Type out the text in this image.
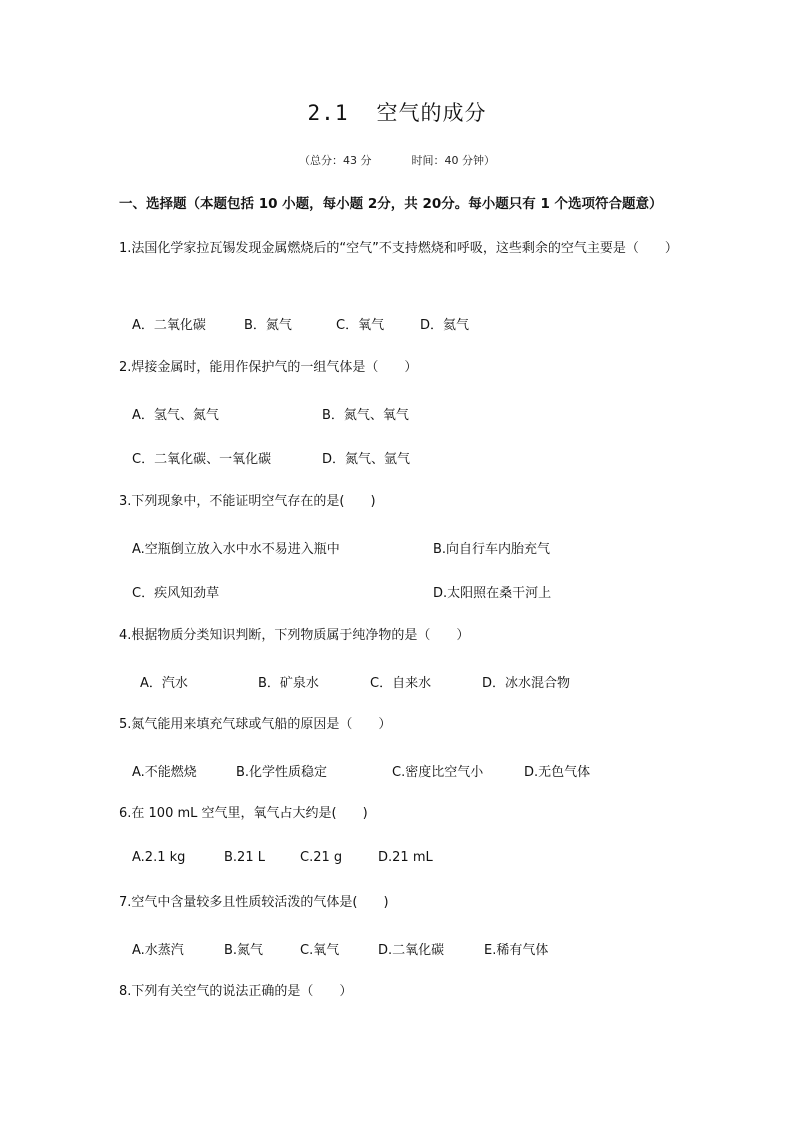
2.1 空气的成分
（总分：43 分	时间：40 分钟）
一、选择题（本题包括 10 小题，每小题 2分，共 20分。每小题只有 1 个选项符合题意）
1.法国化学家拉瓦锡发现金属燃烧后的“空气”不支持燃烧和呼吸，这些剩余的空气主要是（　　）
A．二氧化碳	B．氮气	C．氧气	D．氦气
2.焊接金属时，能用作保护气的一组气体是（　　）
A．氢气、氮气	B．氮气、氧气
C．二氧化碳、一氧化碳	D．氮气、氩气
3.下列现象中，不能证明空气存在的是(　　)
A.空瓶倒立放入水中水不易进入瓶中	B.向自行车内胎充气
C．疾风知劲草	D.太阳照在桑干河上
4.根据物质分类知识判断，下列物质属于纯净物的是（　　）
A．汽水	B．矿泉水	C．自来水	D．冰水混合物
5.氮气能用来填充气球或气船的原因是（　　）
A.不能燃烧	B.化学性质稳定	C.密度比空气小	D.无色气体
6.在 100 mL 空气里，氧气占大约是(　　)
A.2.1 kg	B.21 L	C.21 g	D.21 mL
7.空气中含量较多且性质较活泼的气体是(　　)
A.水蒸汽	B.氮气	C.氧气	D.二氧化碳	E.稀有气体
8.下列有关空气的说法正确的是（　　）
